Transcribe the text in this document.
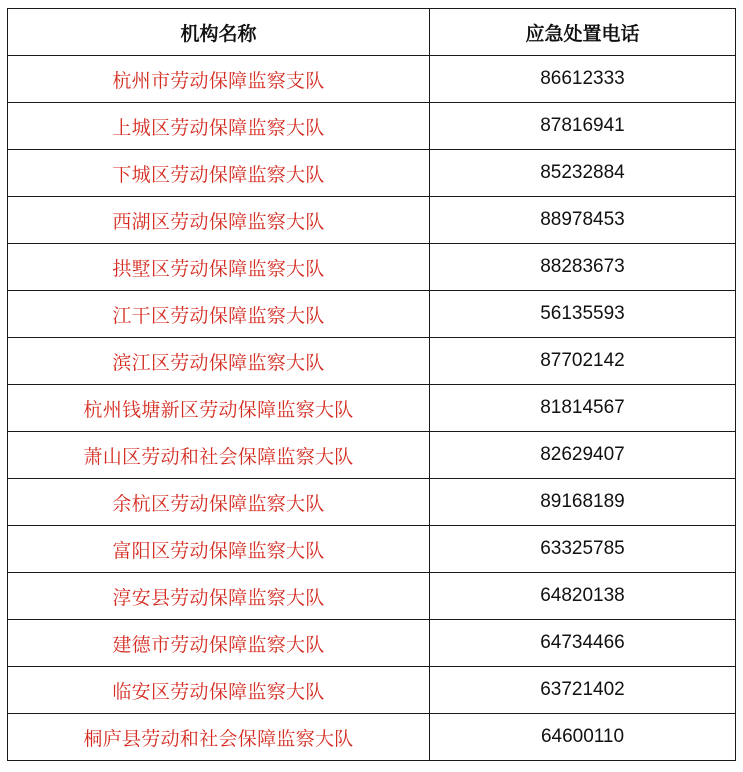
机构名称	应急处置电话
杭州市劳动保障监察支队	86612333
上城区劳动保障监察大队	87816941
下城区劳动保障监察大队	85232884
西湖区劳动保障监察大队	88978453
拱墅区劳动保障监察大队	88283673
江干区劳动保障监察大队	56135593
滨江区劳动保障监察大队	87702142
杭州钱塘新区劳动保障监察大队	81814567
萧山区劳动和社会保障监察大队	82629407
余杭区劳动保障监察大队	89168189
富阳区劳动保障监察大队	63325785
淳安县劳动保障监察大队	64820138
建德市劳动保障监察大队	64734466
临安区劳动保障监察大队	63721402
桐庐县劳动和社会保障监察大队	64600110
